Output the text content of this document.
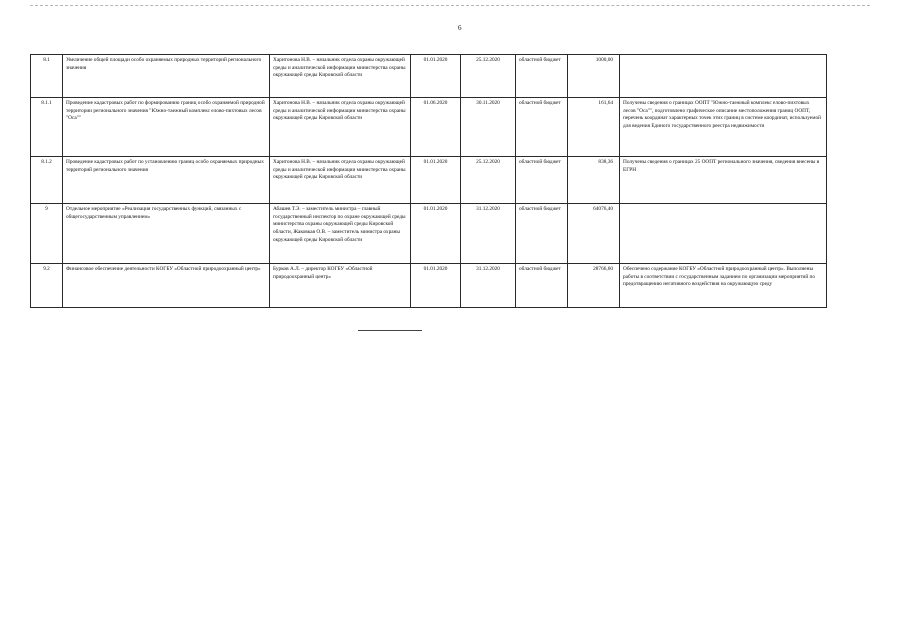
6
8.1	Увеличение общей площади особо охраняемых природных территорий регионального значения	Харитонова Н.В. – начальник отдела охраны окружающей среды и аналитической информации министерства охраны окружающей среды Кировской области	01.01.2020	25.12.2020	областной бюджет	1000,00	
8.1.1	Проведение кадастровых работ по формированию границ особо охраняемой природной территории регионального значения "Южно-таежный комплекс елово-пихтовых лесов "Оса""	Харитонова Н.В. – начальник отдела охраны окружающей среды и аналитической информации министерства охраны окружающей среды Кировской области	01.06.2020	30.11.2020	областной бюджет	161,64	Получены сведения о границах ООПТ "Южно-таежный комплекс елово-пихтовых лесов "Оса"", подготовлено графическое описание местоположения границ ООПТ, перечень координат характерных точек этих границ в системе координат, используемой для ведения Единого государственного реестра недвижимости
8.1.2	Проведение кадастровых работ по установлению границ особо охраняемых природных территорий регионального значения	Харитонова Н.В. – начальник отдела охраны окружающей среды и аналитической информации министерства охраны окружающей среды Кировской области	01.01.2020	25.12.2020	областной бюджет	838,36	Получены сведения о границах 25 ООПТ регионального значения, сведения внесены в ЕГРН
9	Отдельное мероприятие «Реализация государственных функций, связанных с общегосударственным управлением»	Абашев Т.Э. – заместитель министра – главный государственный инспектор по охране окружающей среды министерства охраны окружающей среды Кировской области, Жаковкая О.В. – заместитель министра охраны окружающей среды Кировской области	01.01.2020	31.12.2020	областной бюджет	64076,40	
9.2	Финансовое обеспечение деятельности КОГБУ «Областной природоохранный центр»	Бурков А.Л. – директор КОГБУ «Областной природоохранный центр»	01.01.2020	31.12.2020	областной бюджет	28766,60	Обеспечено содержание КОГБУ «Областной природоохранный центр». Выполнены работы в соответствии с государственным заданием по организации мероприятий по предотвращению негативного воздействия на окружающую среду
